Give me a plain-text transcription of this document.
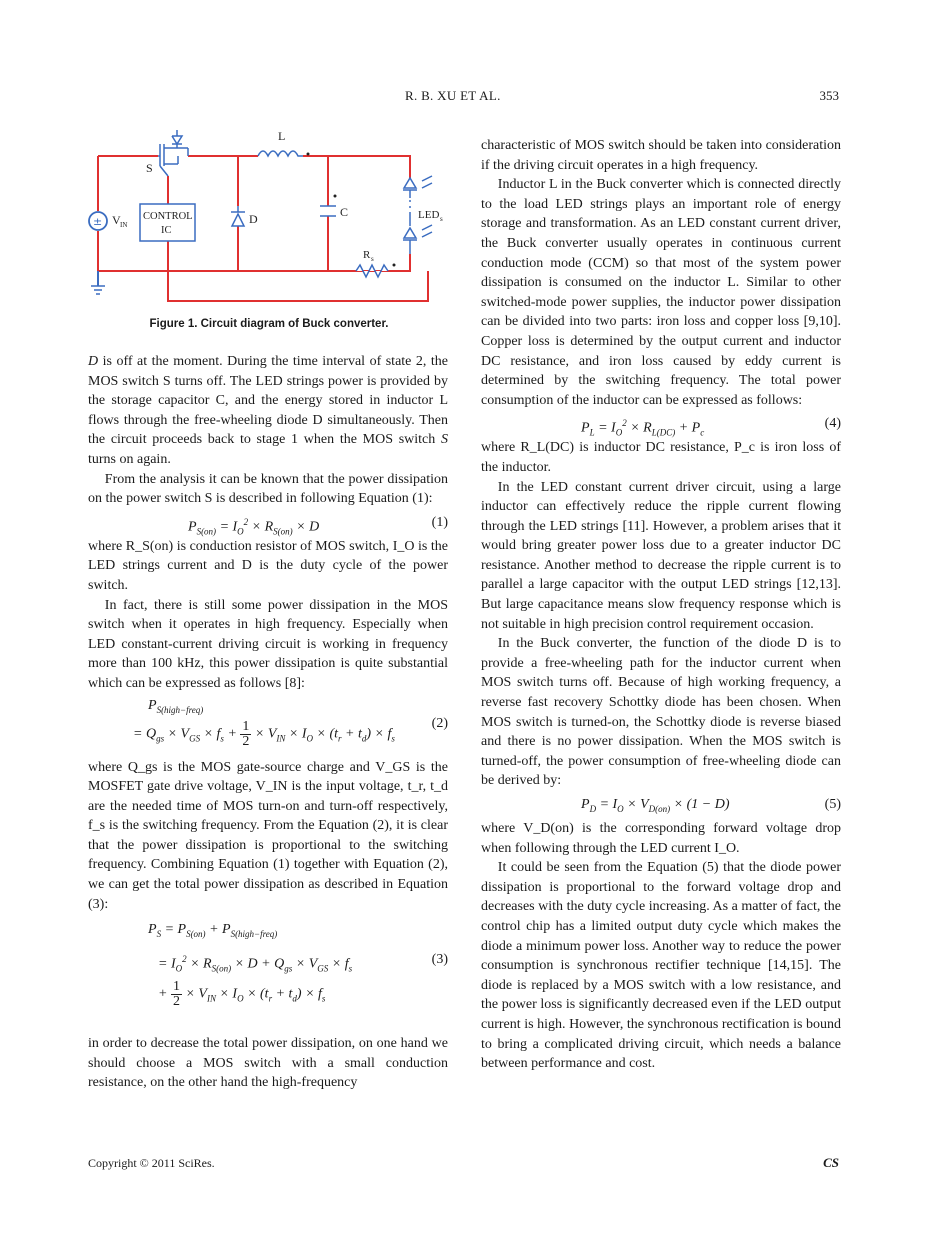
R. B. XU ET AL.	353
± V IN
S
CONTROL
IC
L
D	C	LED s
R s
Figure 1. Circuit diagram of Buck converter.

D is off at the moment. During the time interval of state 2, the MOS switch S turns off. The LED strings power is provided by the storage capacitor C, and the energy stored in inductor L flows through the free-wheeling diode D simultaneously. Then the circuit proceeds back to stage 1 when the MOS switch S turns on again.

From the analysis it can be known that the power dissipation on the power switch S is described in following Equation (1):

$P_{S(on)} = I_O^2 \times R_{S(on)} \times D$	(1)

where R_S(on) is conduction resistor of MOS switch, I_O is the LED strings current and D is the duty cycle of the power switch.

In fact, there is still some power dissipation in the MOS switch when it operates in high frequency. Especially when LED constant-current driving circuit is working in frequency more than 100 kHz, this power dissipation is quite substantial which can be expressed as follows [8]:

$P_{S(high-freq)}$
= $Q_{gs} \times V_{GS} \times f_s + \frac{1}{2} \times V_{IN} \times I_O \times (t_r + t_d) \times f_s$
(2)

where Q_gs is the MOS gate-source charge and V_GS is the MOSFET gate drive voltage, V_IN is the input voltage, t_r, t_d are the needed time of MOS turn-on and turn-off respectively, f_s is the switching frequency. From the Equation (2), it is clear that the power dissipation is proportional to the switching frequency. Combining Equation (1) together with Equation (2), we can get the total power dissipation as described in Equation (3):

$P_S = P_{S(on)} + P_{S(high-freq)}$
= $I_O^2 \times R_{S(on)} \times D + Q_{gs} \times V_{GS} \times f_s$
+ $\frac{1}{2} \times V_{IN} \times I_O \times (t_r + t_d) \times f_s$
(3)

in order to decrease the total power dissipation, on one hand we should choose a MOS switch with a small conduction resistance, on the other hand the high-frequency

characteristic of MOS switch should be taken into consideration if the driving circuit operates in a high frequency.

Inductor L in the Buck converter which is connected directly to the load LED strings plays an important role of energy storage and transformation. As an LED constant current driver, the Buck converter usually operates in continuous current conduction mode (CCM) so that most of the system power dissipation is consumed on the inductor L. Similar to other switched-mode power supplies, the inductor power dissipation can be divided into two parts: iron loss and copper loss [9,10]. Copper loss is determined by the output current and inductor DC resistance, and iron loss caused by eddy current is determined by the switching frequency. The total power consumption of the inductor can be expressed as follows:

$P_L = I_O^2 \times R_{L(DC)} + P_c$
(4)

where R_L(DC) is inductor DC resistance, P_c is iron loss of the inductor.

In the LED constant current driver circuit, using a large inductor can effectively reduce the ripple current flowing through the LED strings [11]. However, a problem arises that it would bring greater power loss due to a greater inductor DC resistance. Another method to decrease the ripple current is to parallel a large capacitor with the output LED strings [12,13]. But large capacitance means slow frequency response which is not suitable in high precision control requirement occasion.

In the Buck converter, the function of the diode D is to provide a free-wheeling path for the inductor current when MOS switch turns off. Because of high working frequency, a reverse fast recovery Schottky diode has been chosen. When MOS switch is turned-on, the Schottky diode is reverse biased and there is no power dissipation. When the MOS switch is turned-off, the power consumption of free-wheeling diode can be derived by:

$P_D = I_O \times V_{D(on)} \times (1 - D)$	(5)

where V_D(on) is the corresponding forward voltage drop when following through the LED current I_O.

It could be seen from the Equation (5) that the diode power dissipation is proportional to the forward voltage drop and decreases with the duty cycle increasing. As a matter of fact, the control chip has a limited output duty cycle which makes the diode a minimum power loss. Another way to reduce the power consumption is synchronous rectifier technique [14,15]. The diode is replaced by a MOS switch with a low resistance, and the power loss is significantly decreased even if the LED output current is high. However, the synchronous rectification is bound to bring a complicated driving circuit, which needs a balance between performance and cost.

Copyright © 2011 SciRes.	CS
